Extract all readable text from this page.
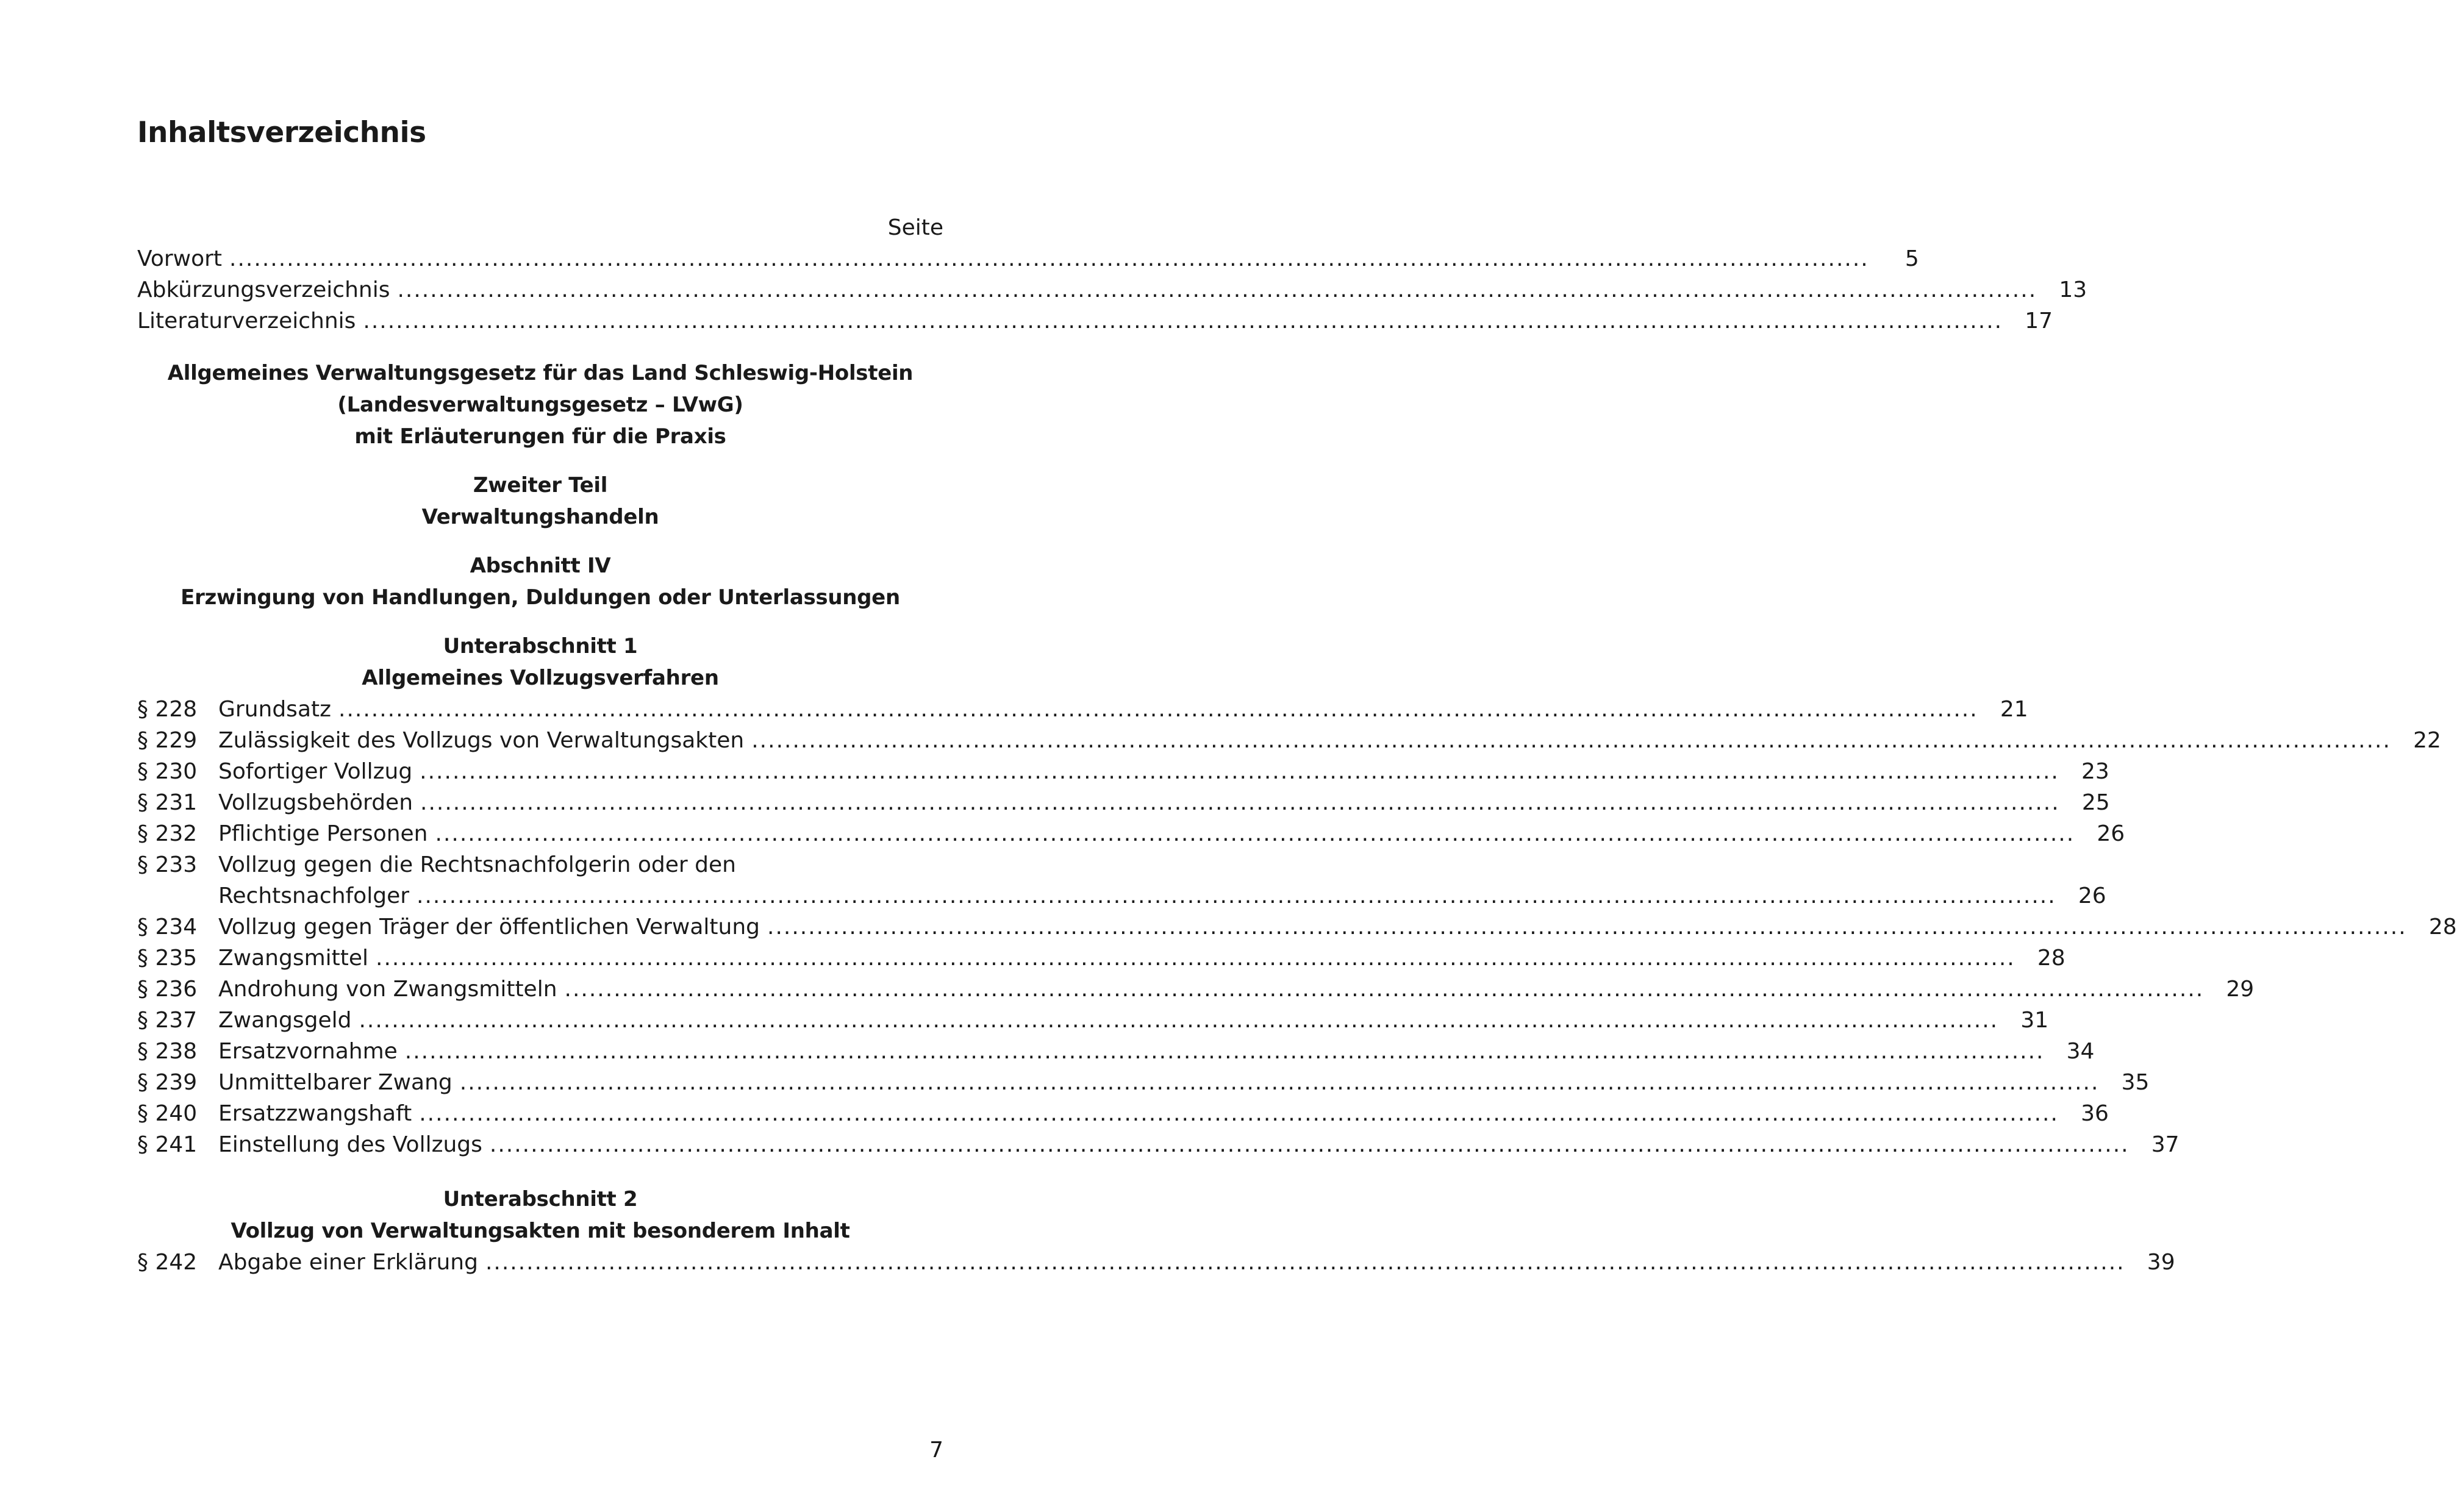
Inhaltsverzeichnis
Seite
Vorwort ........................................................................................................................................................................................................	5
Abkürzungsverzeichnis ........................................................................................................................................................................................................	13
Literaturverzeichnis ........................................................................................................................................................................................................	17
Allgemeines Verwaltungsgesetz für das Land Schleswig-Holstein
(Landesverwaltungsgesetz – LVwG)
mit Erläuterungen für die Praxis
Zweiter Teil
Verwaltungshandeln
Abschnitt IV
Erzwingung von Handlungen, Duldungen oder Unterlassungen
Unterabschnitt 1
Allgemeines Vollzugsverfahren
§ 228 Grundsatz ........................................................................................................................................................................................................	21
§ 229 Zulässigkeit des Vollzugs von Verwaltungsakten ........................................................................................................................................................................................................	22
§ 230 Sofortiger Vollzug ........................................................................................................................................................................................................	23
§ 231 Vollzugsbehörden ........................................................................................................................................................................................................	25
§ 232 Pflichtige Personen ........................................................................................................................................................................................................	26
§ 233 Vollzug gegen die Rechtsnachfolgerin oder den
Rechtsnachfolger ........................................................................................................................................................................................................	26
§ 234 Vollzug gegen Träger der öffentlichen Verwaltung ........................................................................................................................................................................................................	28
§ 235 Zwangsmittel ........................................................................................................................................................................................................	28
§ 236 Androhung von Zwangsmitteln ........................................................................................................................................................................................................	29
§ 237 Zwangsgeld ........................................................................................................................................................................................................	31
§ 238 Ersatzvornahme ........................................................................................................................................................................................................	34
§ 239 Unmittelbarer Zwang ........................................................................................................................................................................................................	35
§ 240 Ersatzzwangshaft ........................................................................................................................................................................................................	36
§ 241 Einstellung des Vollzugs ........................................................................................................................................................................................................	37
Unterabschnitt 2
Vollzug von Verwaltungsakten mit besonderem Inhalt
§ 242 Abgabe einer Erklärung ........................................................................................................................................................................................................	39
7
